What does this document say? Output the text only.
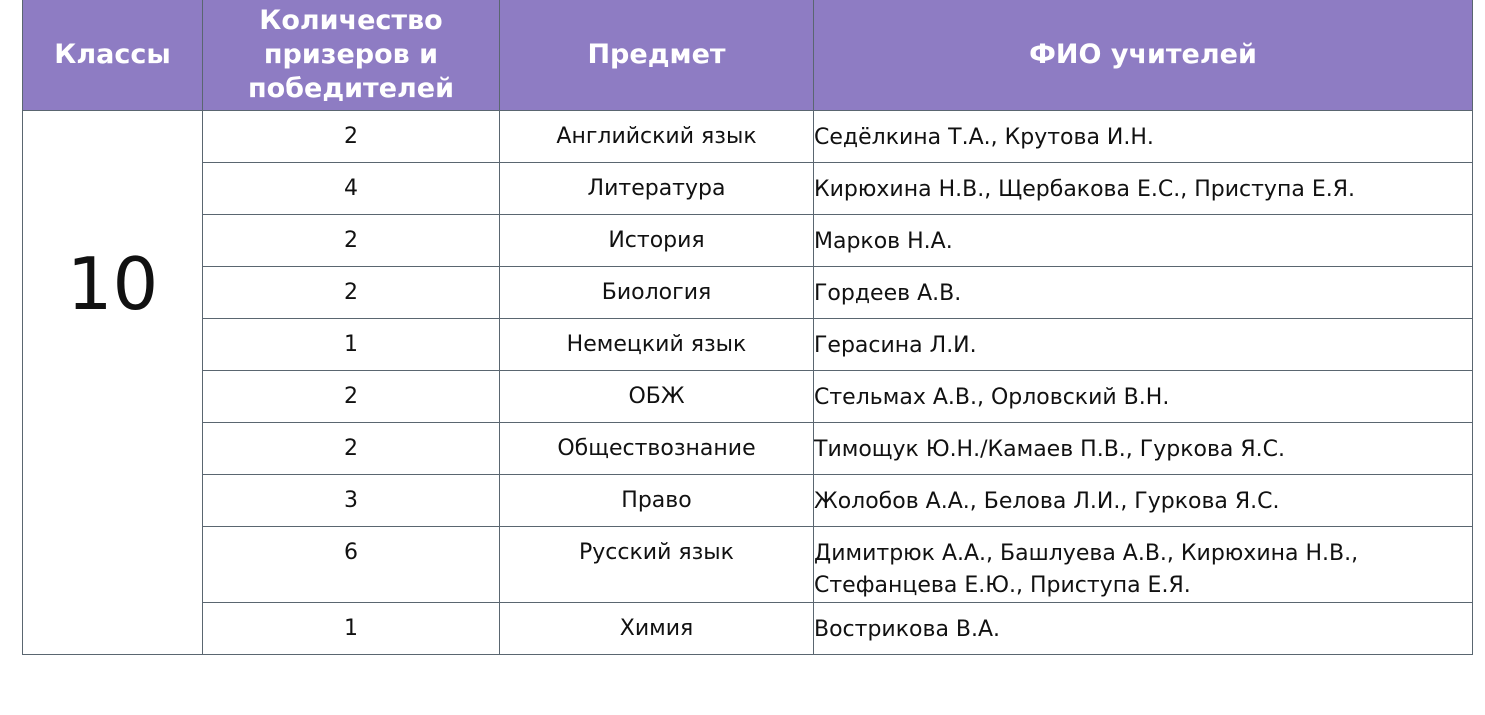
Классы	Количество призеров и победителей	Предмет	ФИО учителей
10	2	Английский язык	Седёлкина Т.А., Крутова И.Н.
	4	Литература	Кирюхина Н.В., Щербакова Е.С., Приступа Е.Я.
	2	История	Марков Н.А.
	2	Биология	Гордеев А.В.
	1	Немецкий язык	Герасина Л.И.
	2	ОБЖ	Стельмах А.В., Орловский В.Н.
	2	Обществознание	Тимощук Ю.Н./Камаев П.В., Гуркова Я.С.
	3	Право	Жолобов А.А., Белова Л.И., Гуркова Я.С.
	6	Русский язык	Димитрюк А.А., Башлуева А.В., Кирюхина Н.В., Стефанцева Е.Ю., Приступа Е.Я.
	1	Химия	Вострикова В.А.
